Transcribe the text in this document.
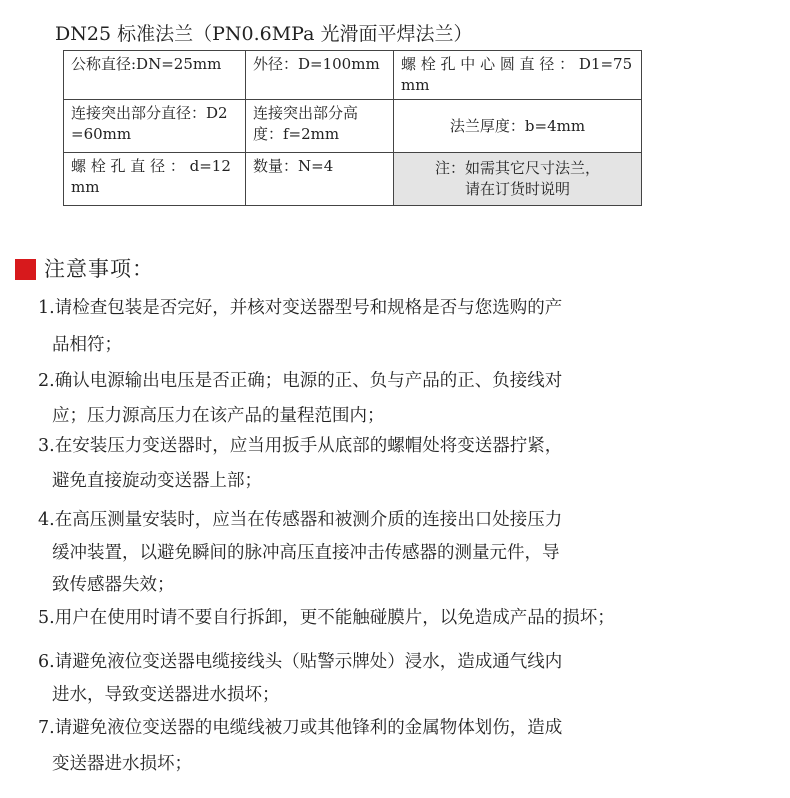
DN25 标准法兰（PN0.6MPa 光滑面平焊法兰）
公称直径:DN=25mm	外径：D=100mm	螺 栓 孔 中 心 圆 直 径 ： D1=75mm
连接突出部分直径：D2=60mm	连接突出部分高度：f=2mm	法兰厚度：b=4mm
螺 栓 孔 直 径 ： d=12mm	数量：N=4	注：如需其它尺寸法兰，
请在订货时说明
注意事项：
1.请检查包装是否完好，并核对变送器型号和规格是否与您选购的产
品相符；
2.确认电源输出电压是否正确；电源的正、负与产品的正、负接线对
应；压力源高压力在该产品的量程范围内；
3.在安装压力变送器时，应当用扳手从底部的螺帽处将变送器拧紧，
避免直接旋动变送器上部；
4.在高压测量安装时，应当在传感器和被测介质的连接出口处接压力
缓冲装置，以避免瞬间的脉冲高压直接冲击传感器的测量元件，导
致传感器失效；
5.用户在使用时请不要自行拆卸，更不能触碰膜片，以免造成产品的损坏；
6.请避免液位变送器电缆接线头（贴警示牌处）浸水，造成通气线内
进水，导致变送器进水损坏；
7.请避免液位变送器的电缆线被刀或其他锋利的金属物体划伤，造成
变送器进水损坏；
